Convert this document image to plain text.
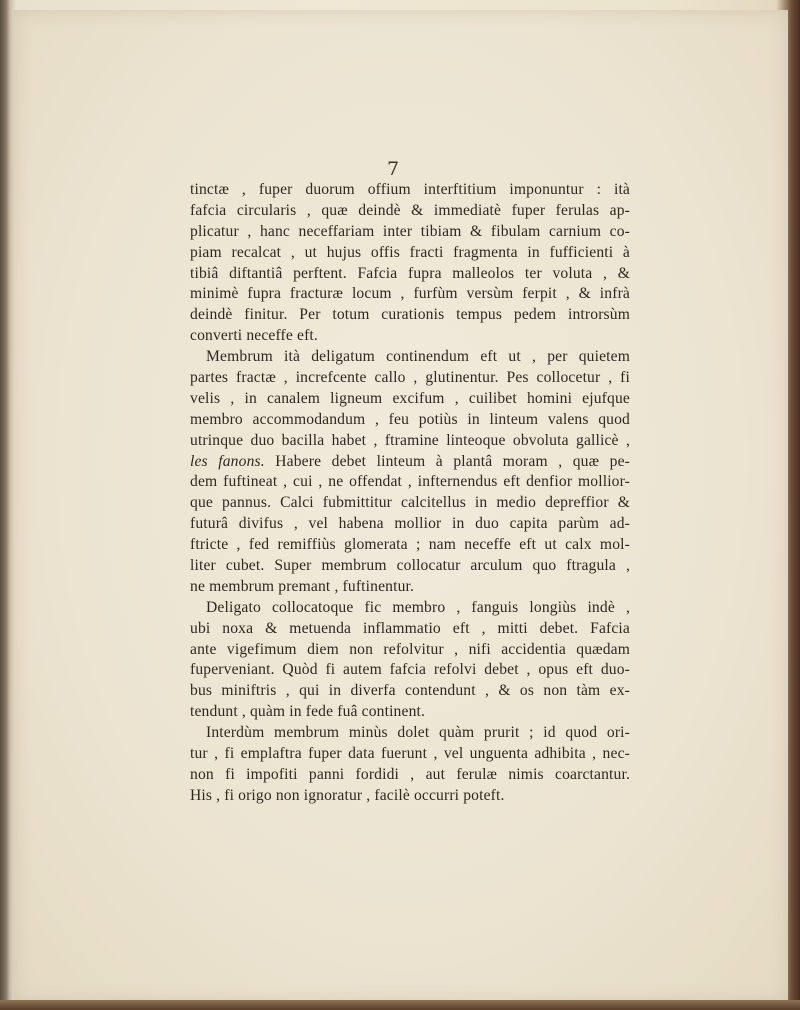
7
tinctæ , fuper duorum offium interftitium imponuntur : ità
fafcia circularis , quæ deindè & immediatè fuper ferulas ap-
plicatur , hanc neceffariam inter tibiam & fibulam carnium co-
piam recalcat , ut hujus offis fracti fragmenta in fufficienti à
tibiâ diftantiâ perftent. Fafcia fupra malleolos ter voluta , &
minimè fupra fracturæ locum , furfùm versùm ferpit , & infrà
deindè finitur. Per totum curationis tempus pedem introrsùm
converti neceffe eft.
Membrum ità deligatum continendum eft ut , per quietem
partes fractæ , increfcente callo , glutinentur. Pes collocetur , fi
velis , in canalem ligneum excifum , cuilibet homini ejufque
membro accommodandum , feu potiùs in linteum valens quod
utrinque duo bacilla habet , ftramine linteoque obvoluta gallicè ,
les fanons. Habere debet linteum à plantâ moram , quæ pe-
dem fuftineat , cui , ne offendat , infternendus eft denfior mollior-
que pannus. Calci fubmittitur calcitellus in medio depreffior &
futurâ divifus , vel habena mollior in duo capita parùm ad-
ftricte , fed remiffiùs glomerata ; nam neceffe eft ut calx mol-
liter cubet. Super membrum collocatur arculum quo ftragula ,
ne membrum premant , fuftinentur.
Deligato collocatoque fic membro , fanguis longiùs indè ,
ubi noxa & metuenda inflammatio eft , mitti debet. Fafcia
ante vigefimum diem non refolvitur , nifi accidentia quædam
fuperveniant. Quòd fi autem fafcia refolvi debet , opus eft duo-
bus miniftris , qui in diverfa contendunt , & os non tàm ex-
tendunt , quàm in fede fuâ continent.
Interdùm membrum minùs dolet quàm prurit ; id quod ori-
tur , fi emplaftra fuper data fuerunt , vel unguenta adhibita , nec-
non fi impofiti panni fordidi , aut ferulæ nimis coarctantur.
His , fi origo non ignoratur , facilè occurri poteft.
